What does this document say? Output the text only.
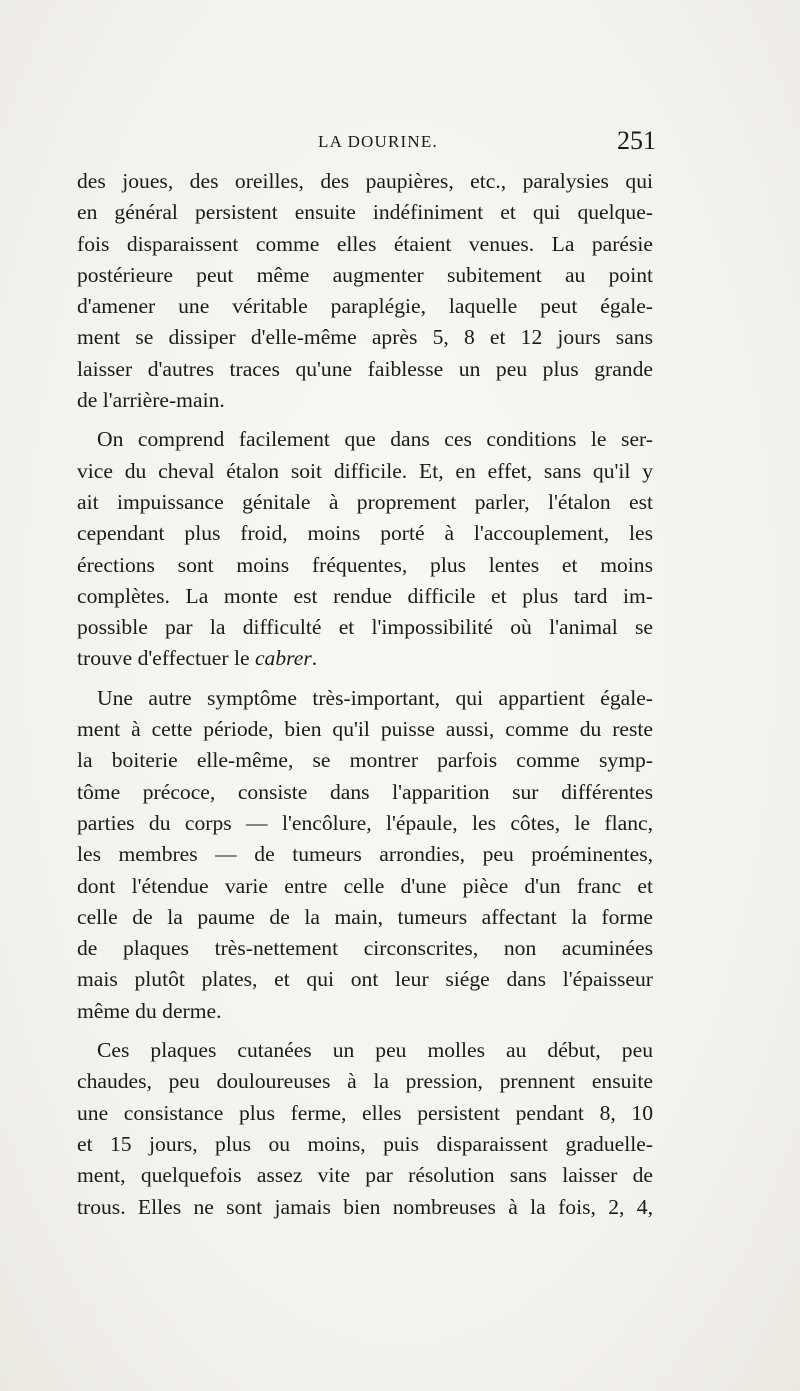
LA DOURINE.	251
des joues, des oreilles, des paupières, etc., paralysies qui
en général persistent ensuite indéfiniment et qui quelque-
fois disparaissent comme elles étaient venues. La parésie
postérieure peut même augmenter subitement au point
d'amener une véritable paraplégie, laquelle peut égale-
ment se dissiper d'elle-même après 5, 8 et 12 jours sans
laisser d'autres traces qu'une faiblesse un peu plus grande
de l'arrière-main.
On comprend facilement que dans ces conditions le ser-
vice du cheval étalon soit difficile. Et, en effet, sans qu'il y
ait impuissance génitale à proprement parler, l'étalon est
cependant plus froid, moins porté à l'accouplement, les
érections sont moins fréquentes, plus lentes et moins
complètes. La monte est rendue difficile et plus tard im-
possible par la difficulté et l'impossibilité où l'animal se
trouve d'effectuer le cabrer.
Une autre symptôme très-important, qui appartient égale-
ment à cette période, bien qu'il puisse aussi, comme du reste
la boiterie elle-même, se montrer parfois comme symp-
tôme précoce, consiste dans l'apparition sur différentes
parties du corps — l'encôlure, l'épaule, les côtes, le flanc,
les membres — de tumeurs arrondies, peu proéminentes,
dont l'étendue varie entre celle d'une pièce d'un franc et
celle de la paume de la main, tumeurs affectant la forme
de plaques très-nettement circonscrites, non acuminées
mais plutôt plates, et qui ont leur siége dans l'épaisseur
même du derme.
Ces plaques cutanées un peu molles au début, peu
chaudes, peu douloureuses à la pression, prennent ensuite
une consistance plus ferme, elles persistent pendant 8, 10
et 15 jours, plus ou moins, puis disparaissent graduelle-
ment, quelquefois assez vite par résolution sans laisser de
trous. Elles ne sont jamais bien nombreuses à la fois, 2, 4,
